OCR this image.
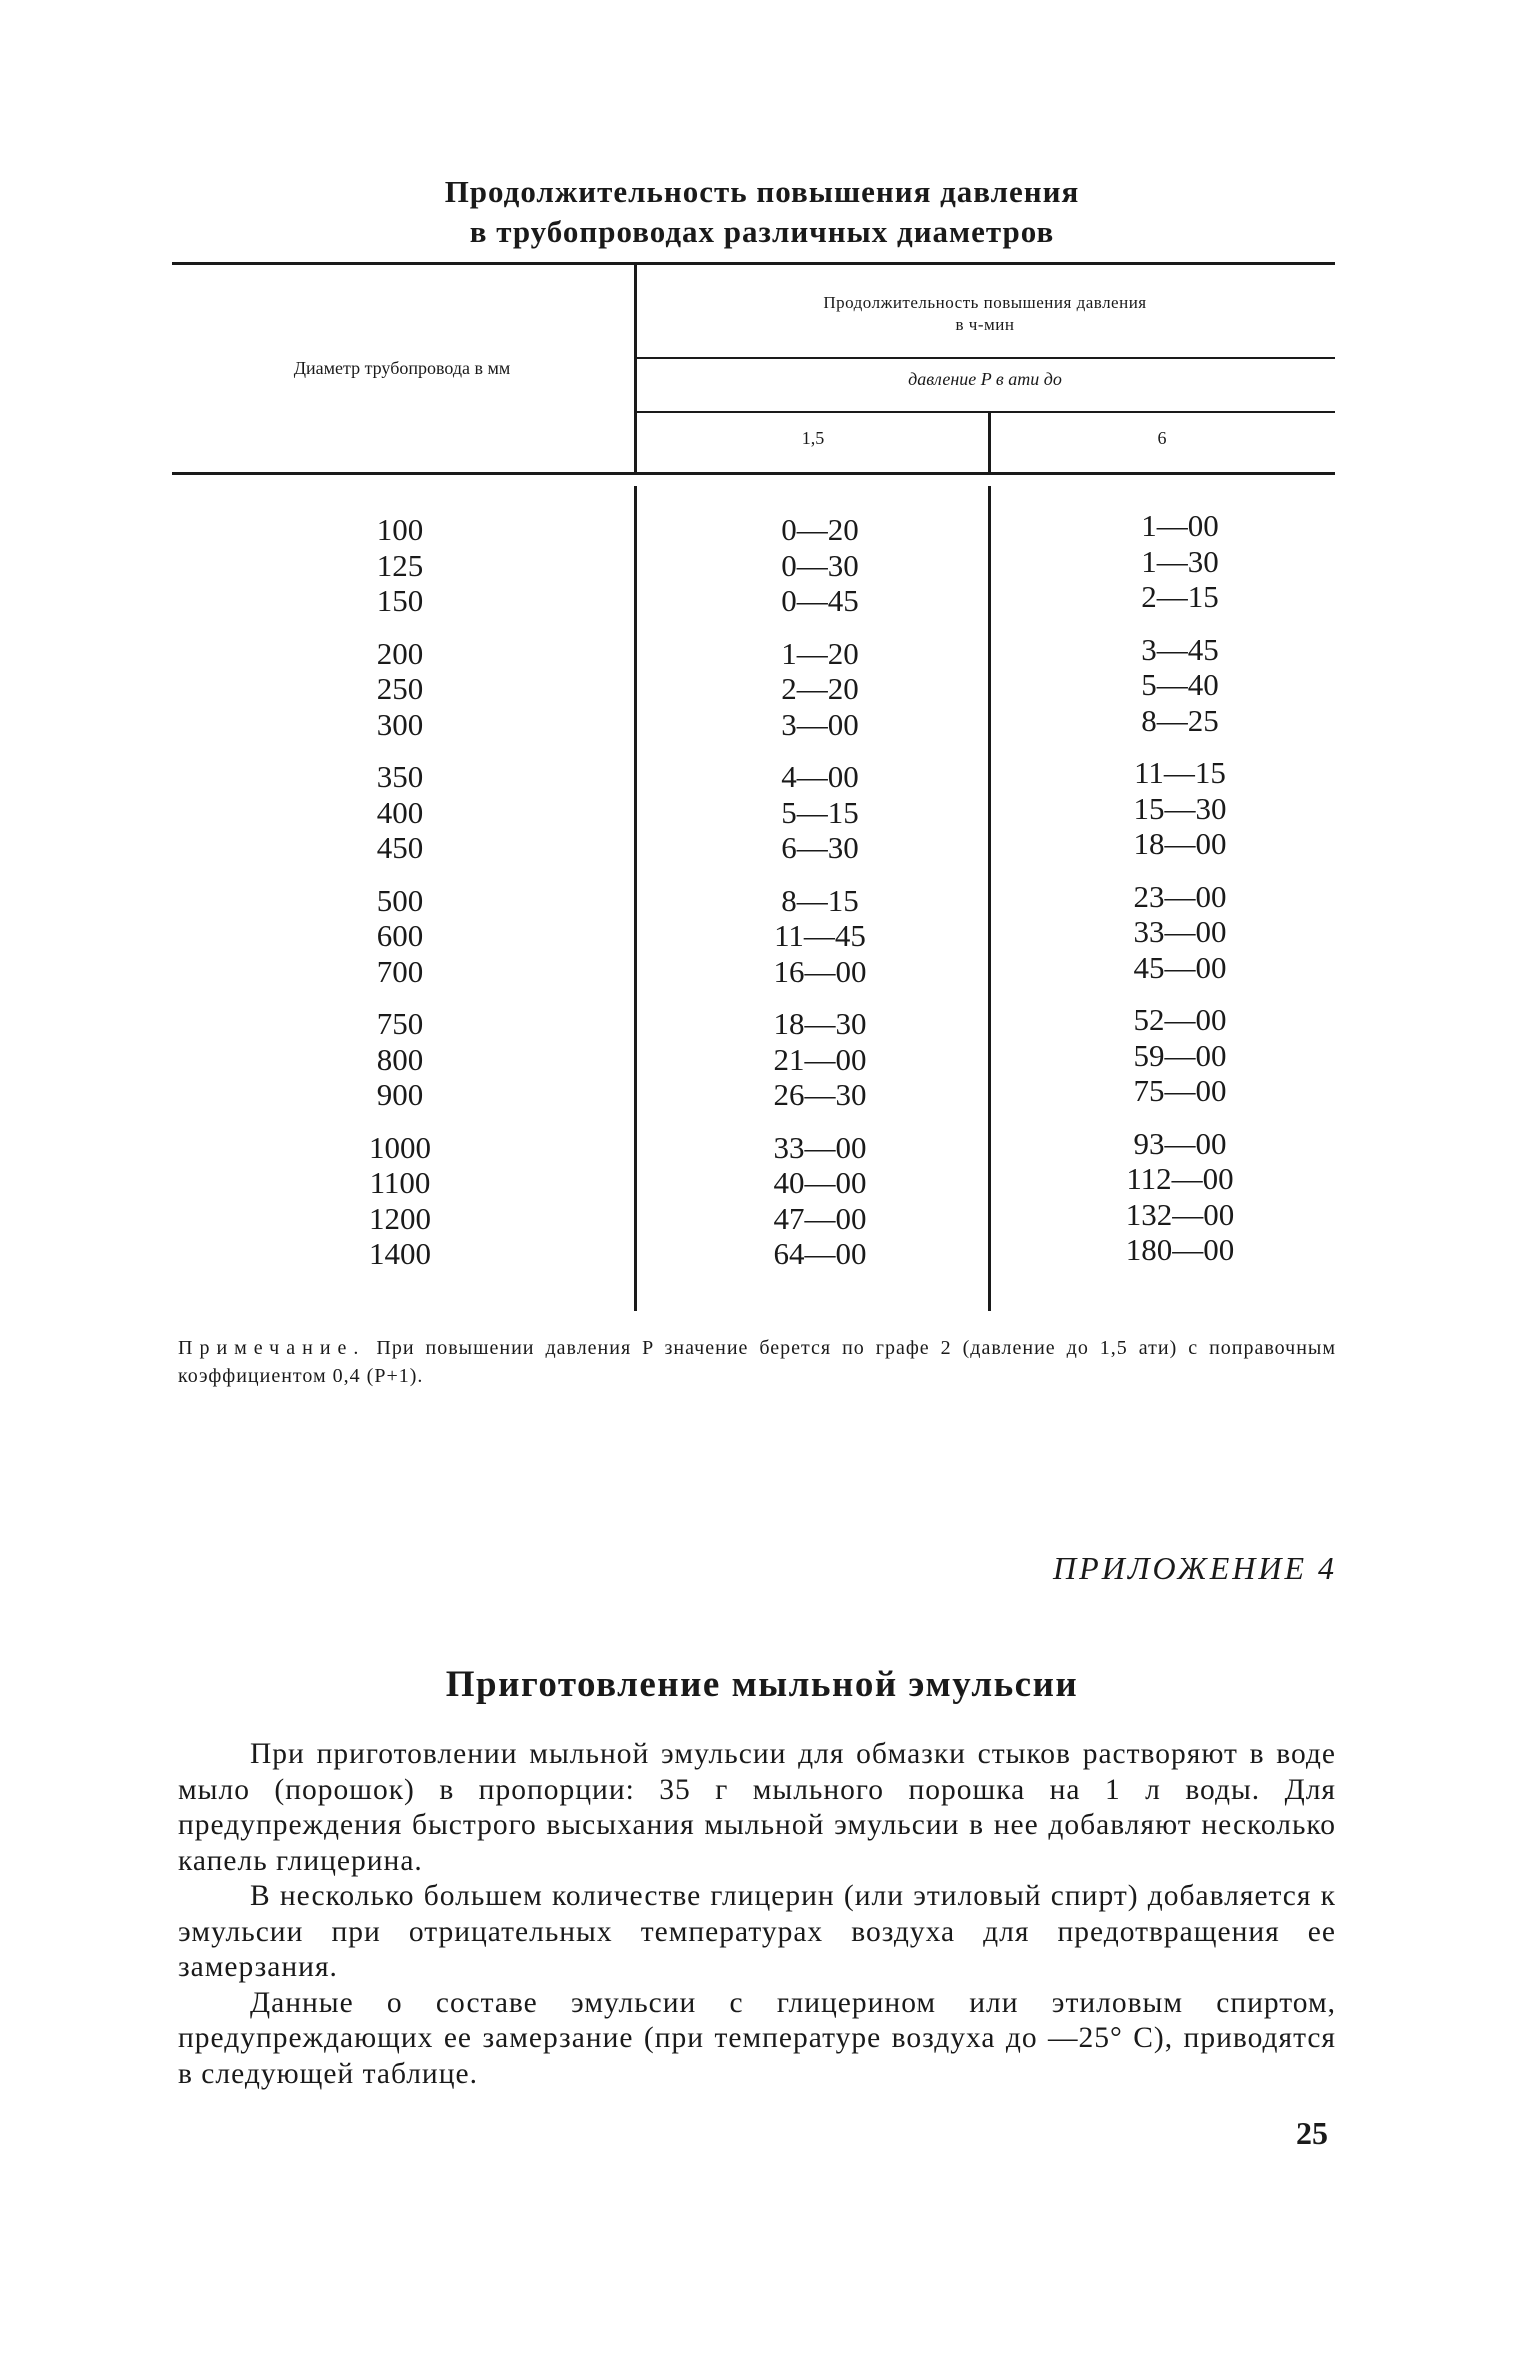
Продолжительность повышения давления
в трубопроводах различных диаметров
Диаметр трубопровода в мм
Продолжительность повышения давления
в ч-мин
давление P в ати до
1,5	6
100
125
150
200
250
300
350
400
450
500
600
700
750
800
900
1000
1100
1200
1400
0—20
0—30
0—45
1—20
2—20
3—00
4—00
5—15
6—30
8—15
11—45
16—00
18—30
21—00
26—30
33—00
40—00
47—00
64—00
1—00
1—30
2—15
3—45
5—40
8—25
11—15
15—30
18—00
23—00
33—00
45—00
52—00
59—00
75—00
93—00
112—00
132—00
180—00
Примечание. При повышении давления P значение берется по графе 2 (давление до 1,5 ати) с поправочным коэффициентом 0,4 (P+1).
ПРИЛОЖЕНИЕ 4
Приготовление мыльной эмульсии

При приготовлении мыльной эмульсии для обмазки стыков растворяют в воде мыло (порошок) в пропорции: 35 г мыльного порошка на 1 л воды. Для предупреждения быстрого высыхания мыльной эмульсии в нее добавляют несколько капель глицерина.

В несколько большем количестве глицерин (или этиловый спирт) добавляется к эмульсии при отрицательных температурах воздуха для предотвращения ее замерзания.

Данные о составе эмульсии с глицерином или этиловым спиртом, предупреждающих ее замерзание (при температуре воздуха до —25° С), приводятся в следующей таблице.

25
